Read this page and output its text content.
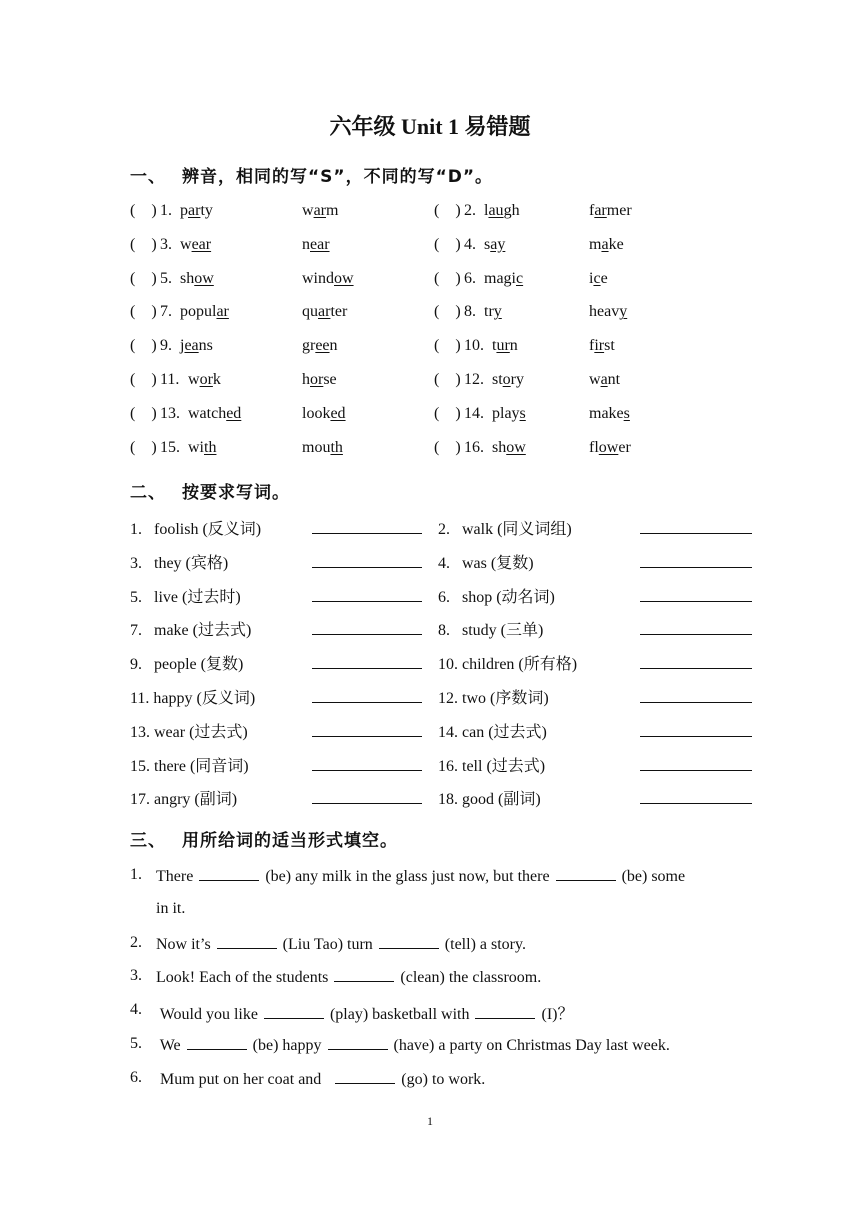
六年级 Unit 1 易错题
一、 辨音，相同的写“S”，不同的写“D”。
(    ) 1. party	warm	(    ) 2. laugh	farmer
(    ) 3. wear	near	(    ) 4. say	make
(    ) 5. show	window	(    ) 6. magic	ice
(    ) 7. popular	quarter	(    ) 8. try	heavy
(    ) 9. jeans	green	(    ) 10. turn	first
(    ) 11. work	horse	(    ) 12. story	want
(    ) 13. watched	looked	(    ) 14. plays	makes
(    ) 15. with	mouth	(    ) 16. show	flower
二、 按要求写词。
1.   foolish (反义词)	2.   walk (同义词组)
3.   they (宾格)	4.   was (复数)
5.   live (过去时)	6.   shop (动名词)
7.   make (过去式)	8.   study (三单)
9.   people (复数)	10. children (所有格)
11. happy (反义词)	12. two (序数词)
13. wear (过去式)	14. can (过去式)
15. there (同音词)	16. tell (过去式)
17. angry (副词)	18. good (副词)
三、 用所给词的适当形式填空。
1. There	(be) any milk in the glass just now, but there	(be) some
in it.
2. Now it’s	(Liu Tao) turn	(tell) a story.
3. Look! Each of the students	(clean) the classroom.
4. Would you like	(play) basketball with	(I)？
5. We	(be) happy	(have) a party on Christmas Day last week.
6. Mum put on her coat and	(go) to work.
1
